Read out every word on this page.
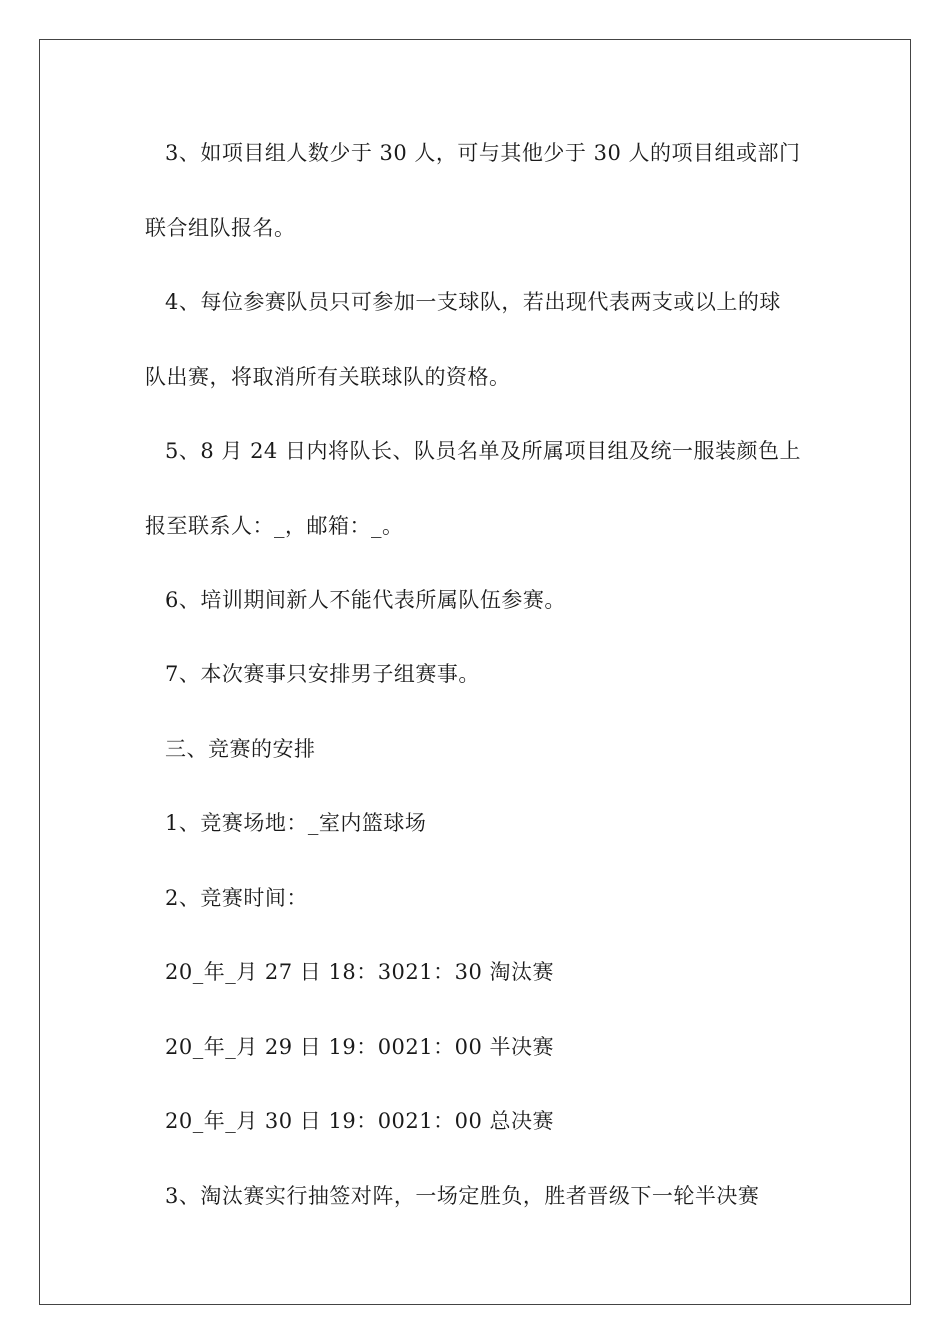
3、如项目组人数少于 30 人，可与其他少于 30 人的项目组或部门
联合组队报名。
4、每位参赛队员只可参加一支球队，若出现代表两支或以上的球
队出赛，将取消所有关联球队的资格。
5、8 月 24 日内将队长、队员名单及所属项目组及统一服装颜色上
报至联系人：_，邮箱：_。
6、培训期间新人不能代表所属队伍参赛。
7、本次赛事只安排男子组赛事。
三、竞赛的安排
1、竞赛场地：_室内篮球场
2、竞赛时间：
20_年_月 27 日 18：3021：30 淘汰赛
20_年_月 29 日 19：0021：00 半决赛
20_年_月 30 日 19：0021：00 总决赛
3、淘汰赛实行抽签对阵，一场定胜负，胜者晋级下一轮半决赛
